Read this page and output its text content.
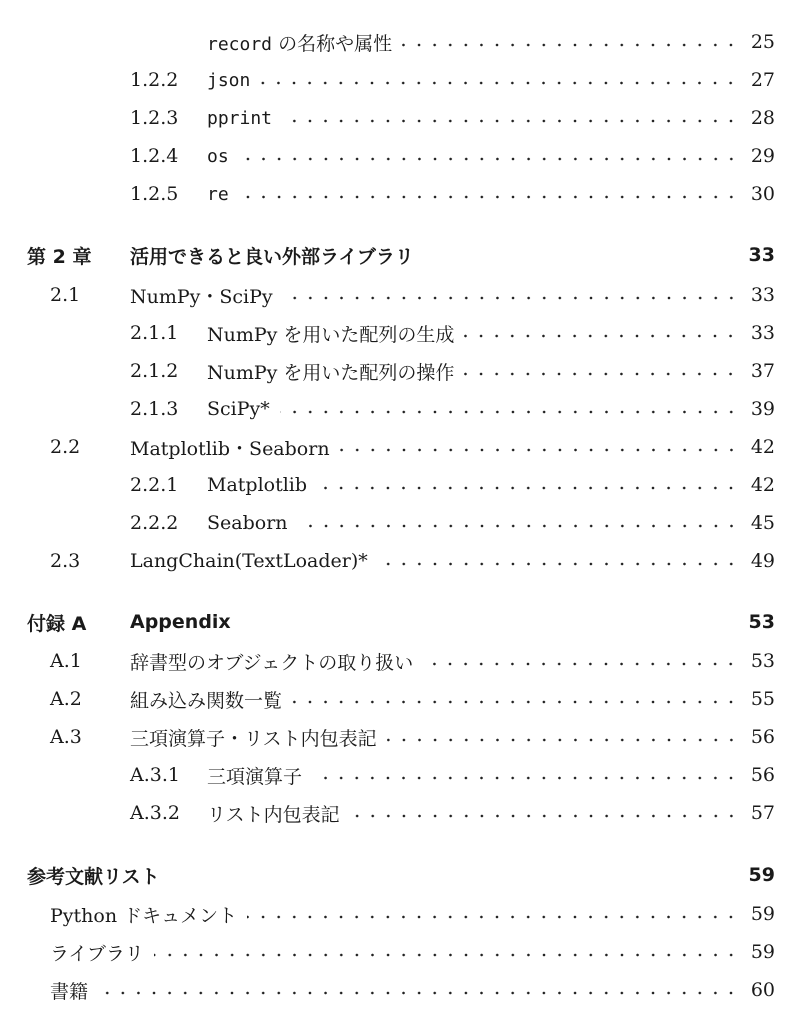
record の名称や属性	25
1.2.2 json	27
1.2.3 pprint	28
1.2.4 os	29
1.2.5 re	30
第 2 章 活用できると良い外部ライブラリ	33
2.1	NumPy・SciPy	33
2.1.1 NumPy を用いた配列の生成	33
2.1.2 NumPy を用いた配列の操作	37
2.1.3 SciPy*	39
2.2	Matplotlib・Seaborn	42
2.2.1 Matplotlib	42
2.2.2 Seaborn	45
2.3	LangChain(TextLoader)*	49
付録 A Appendix	53
A.1	辞書型のオブジェクトの取り扱い	53
A.2	組み込み関数一覧	55
A.3	三項演算子・リスト内包表記	56
A.3.1 三項演算子	56
A.3.2 リスト内包表記	57
参考文献リスト	59
Python ドキュメント	59
ライブラリ	59
書籍	60
